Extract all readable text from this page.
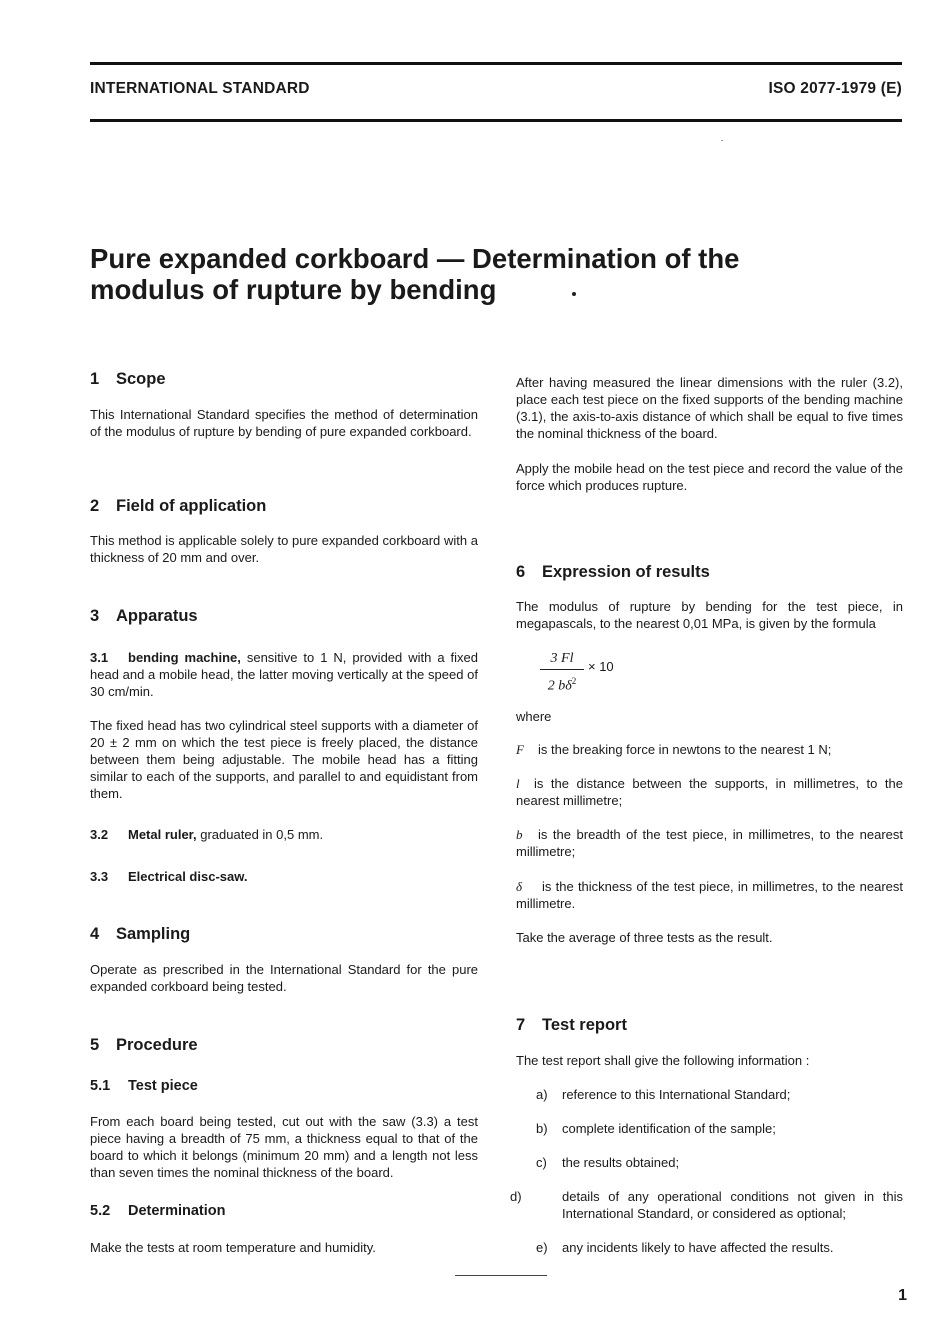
INTERNATIONAL STANDARD	ISO 2077-1979 (E)
Pure expanded corkboard — Determination of the modulus of rupture by bending
1 Scope

This International Standard specifies the method of determination of the modulus of rupture by bending of pure expanded corkboard.

2 Field of application

This method is applicable solely to pure expanded corkboard with a thickness of 20 mm and over.

3 Apparatus

3.1 bending machine, sensitive to 1 N, provided with a fixed head and a mobile head, the latter moving vertically at the speed of 30 cm/min.

The fixed head has two cylindrical steel supports with a diameter of 20 ± 2 mm on which the test piece is freely placed, the distance between them being adjustable. The mobile head has a fitting similar to each of the supports, and parallel to and equidistant from them.

3.2 Metal ruler, graduated in 0,5 mm.

3.3 Electrical disc-saw.

4 Sampling

Operate as prescribed in the International Standard for the pure expanded corkboard being tested.

5 Procedure
5.1 Test piece

From each board being tested, cut out with the saw (3.3) a test piece having a breadth of 75 mm, a thickness equal to that of the board to which it belongs (minimum 20 mm) and a length not less than seven times the nominal thickness of the board.

5.2 Determination

Make the tests at room temperature and humidity.

After having measured the linear dimensions with the ruler (3.2), place each test piece on the fixed supports of the bending machine (3.1), the axis-to-axis distance of which shall be equal to five times the nominal thickness of the board.

Apply the mobile head on the test piece and record the value of the force which produces rupture.

6 Expression of results

The modulus of rupture by bending for the test piece, in megapascals, to the nearest 0,01 MPa, is given by the formula

3 Fl
2 $b\delta^2$
× 10

where

F is the breaking force in newtons to the nearest 1 N;

l is the distance between the supports, in millimetres, to the nearest millimetre;

b is the breadth of the test piece, in millimetres, to the nearest millimetre;

δ is the thickness of the test piece, in millimetres, to the nearest millimetre.

Take the average of three tests as the result.

7 Test report

The test report shall give the following information :

a) reference to this International Standard;
b) complete identification of the sample;
c) the results obtained;
d)	details of any operational conditions not given in this International Standard, or considered as optional;
e) any incidents likely to have affected the results.
1
